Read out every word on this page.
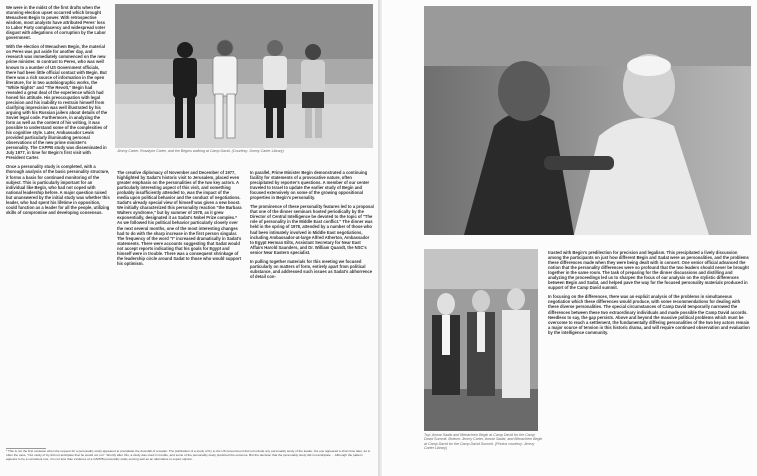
We were in the midst of the first drafts when the stunning election upset occurred which brought Menachem Begin to power. With retrospective wisdom, most analysts have attributed Peres' loss to Labor Party complacency and widespread voter disgust with allegations of corruption by the Labor government.

With the election of Menachem Begin, the material on Peres was put aside for another day, and research was immediately commenced on the new prime minister. In contrast to Peres, who was well known to a number of US Government officials, there had been little official contact with Begin. But there was a rich source of information in the open literature, for in two autobiographic works, the "White Nights" and "The Revolt," Begin had revealed a great deal of the experience which had honed his attitude. His preoccupation with legal precision and his inability to restrain himself from clarifying imprecision was well illustrated by his arguing with his Russian jailers about details of the Soviet legal code. Furthermore, in analyzing the form as well as the content of his writing, it was possible to understand some of the complexities of his cognitive style. Later, Ambassador Lewis provided particularly illuminating personal observations of the new prime minister's personality. The CAPPB study was disseminated in July 1977, in time for Begin's first visit with President Carter.

Once a personality study is completed, with a thorough analysis of the basic personality structure, it forms a basis for continued monitoring of the subject. This is particularly important for an individual like Begin, who had not coped with national leadership before. A major question raised but unanswered by the initial study was whether this leader, who had spent his lifetime in opposition, could function as a leader for all the people, utilizing skills of compromise and developing consensus.

Jimmy Carter, Rosalynn Carter, and the Begins walking at Camp David. (Courtesy: Jimmy Carter Library)

The creative diplomacy of November and December of 1977, highlighted by Sadat's historic visit to Jerusalem, placed even greater emphasis on the personalities of the two key actors. A particularly interesting aspect of this visit, and something probably insufficiently attended to, was the impact of the media upon political behavior and the conduct of negotiations. Sadat's already special view of himself was given a new boost. We initially characterized this personality reaction "the Barbara Walters syndrome," but by summer of 1978, as it grew exponentially, designated it as Sadat's Nobel Prize complex.* As we followed his political behavior particularly closely over the next several months, one of the most interesting changes had to do with the sharp increase in the first person singular. The frequency of the word "I" increased dramatically in Sadat's statements. There were accounts suggesting that Sadat would not accept reports indicating that his goals for Egypt and himself were in trouble. There was a consequent shrinkage of the leadership circle around Sadat to those who would support his optimism.

In parallel, Prime Minister Begin demonstrated a continuing facility for statements of a provocative nature, often precipitated by reporter's questions. A member of our center traveled to Israel to update the earlier study of Begin and focused extensively on some of the growing oppositional properties in Begin's personality.

The prominence of these personality features led to a proposal that one of the dinner seminars hosted periodically by the Director of Central Intelligence be devoted to the topic of "The role of personality in the Middle East conflict." The dinner was held in the spring of 1978, attended by a number of those who had been intimately involved in Middle East negotiations, including Ambassador-at-large Alfred Atherton, Ambassador to Egypt Herman Eilts, Assistant Secretary for Near East Affairs Harold Saunders, and Dr. William Quandt, the NSC's senior Near Eastern specialist.

In pulling together materials for this meeting we focused particularly on matters of form, entirely apart from political substance, and addressed such issues as Sadat's abhorrence of detail con-

* This is not the first occasion when the request for a personality study appeared to precipitate the downfall of a leader. The publication of a study of Ky to the US Government did not include any personality study of the leader, but one appeared a short time later, as is often the case. "Our study of Ky did not anticipate that he would not run". Shortly after this, a study was used in trouble, and some of the personality study predicted the outcome. But the decision that the personality study did not anticipate ... Although the pattern appears to be a consistent one, it is not less than evidence of a CAPPB personality study serving well as an alternative to expert opinion.
Top: Anwar Sadat and Menachem Begin at Camp David for the Camp David Summit. Bottom: Jimmy Carter, Anwar Sadat, and Menachem Begin at Camp David for the Camp David Summit. (Photos courtesy: Jimmy Carter Library)

trasted with Begin's predilection for precision and legalism. This precipitated a lively discussion among the participants on just how different Begin and Sadat were as personalities, and the problems these differences made when they were being dealt with in concert. One senior official advanced the notion that the personality differences were so profound that the two leaders should never be brought together in the same room. The task of preparing for the dinner discussions and distilling and analyzing the proceedings led us to sharpen the focus of our analysis on the stylistic differences between Begin and Sadat, and helped pave the way for the focused personality materials produced in support of the Camp David summit.

In focusing on the differences, there was an explicit analysis of the problems in simultaneous negotiation which these differences would produce, with some recommendations for dealing with these diverse personalities. The special circumstances of Camp David temporarily narrowed the differences between these two extraordinary individuals and made possible the Camp David accords. Needless to say, the gap persists. Above and beyond the massive political problems which must be overcome to reach a settlement, the fundamentally differing personalities of the two key actors remain a major source of tension in this historic drama, and will require continued observation and evaluation by the intelligence community.
